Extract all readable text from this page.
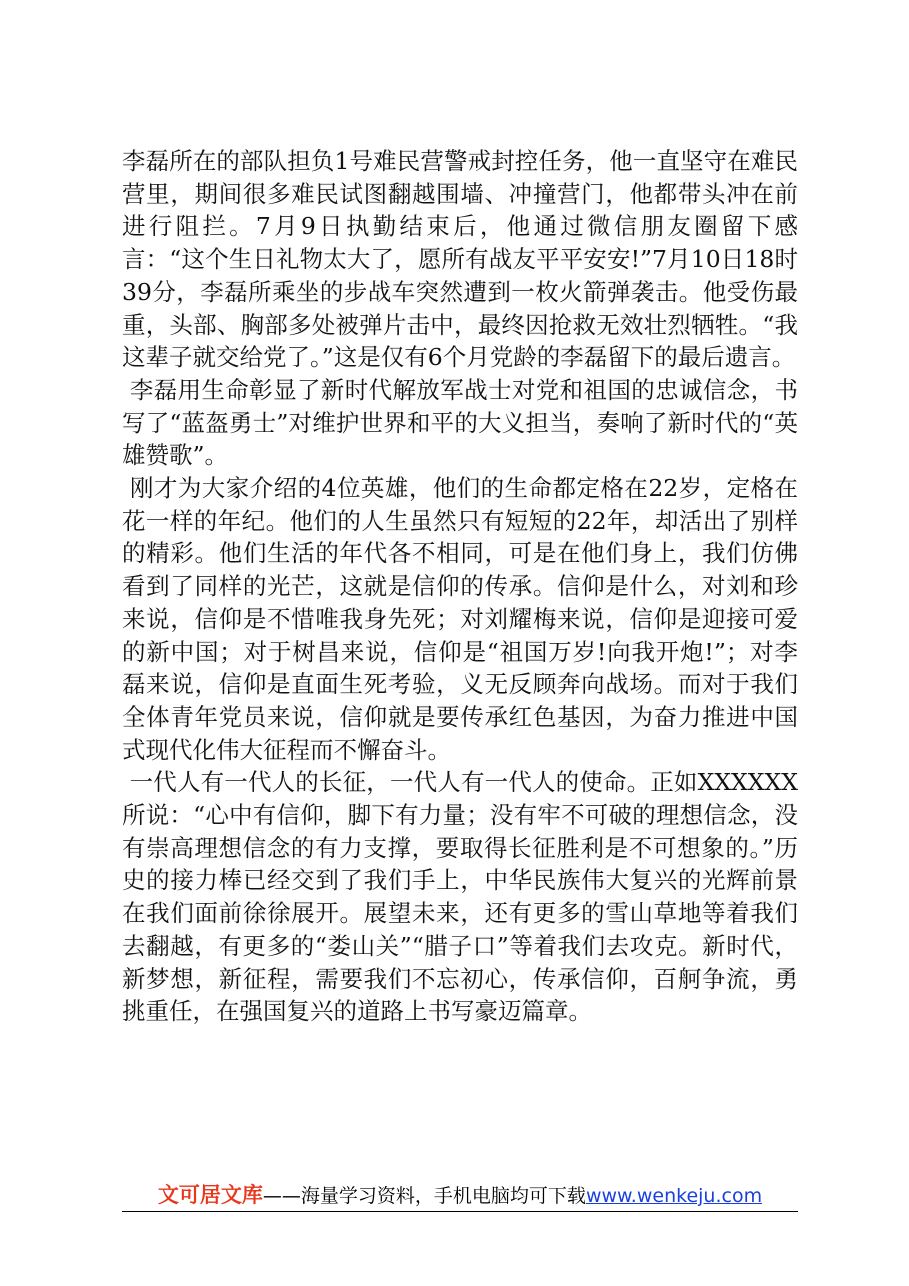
李磊所在的部队担负1号难民营警戒封控任务，他一直坚守在难民营里，期间很多难民试图翻越围墙、冲撞营门，他都带头冲在前进行阻拦。7月9日执勤结束后，他通过微信朋友圈留下感言：“这个生日礼物太大了，愿所有战友平平安安!”7月10日18时39分，李磊所乘坐的步战车突然遭到一枚火箭弹袭击。他受伤最重，头部、胸部多处被弹片击中，最终因抢救无效壮烈牺牲。“我这辈子就交给党了。”这是仅有6个月党龄的李磊留下的最后遗言。

李磊用生命彰显了新时代解放军战士对党和祖国的忠诚信念，书写了“蓝盔勇士”对维护世界和平的大义担当，奏响了新时代的“英雄赞歌”。

刚才为大家介绍的4位英雄，他们的生命都定格在22岁，定格在花一样的年纪。他们的人生虽然只有短短的22年，却活出了别样的精彩。他们生活的年代各不相同，可是在他们身上，我们仿佛看到了同样的光芒，这就是信仰的传承。信仰是什么，对刘和珍来说，信仰是不惜唯我身先死；对刘耀梅来说，信仰是迎接可爱的新中国；对于树昌来说，信仰是“祖国万岁!向我开炮!”；对李磊来说，信仰是直面生死考验，义无反顾奔向战场。而对于我们全体青年党员来说，信仰就是要传承红色基因，为奋力推进中国式现代化伟大征程而不懈奋斗。

一代人有一代人的长征，一代人有一代人的使命。正如XXXXXX所说：“心中有信仰，脚下有力量；没有牢不可破的理想信念，没有崇高理想信念的有力支撑，要取得长征胜利是不可想象的。”历史的接力棒已经交到了我们手上，中华民族伟大复兴的光辉前景在我们面前徐徐展开。展望未来，还有更多的雪山草地等着我们去翻越，有更多的“娄山关”“腊子口”等着我们去攻克。新时代，新梦想，新征程，需要我们不忘初心，传承信仰，百舸争流，勇挑重任，在强国复兴的道路上书写豪迈篇章。

文可居文库——海量学习资料，手机电脑均可下载www.wenkeju.com
